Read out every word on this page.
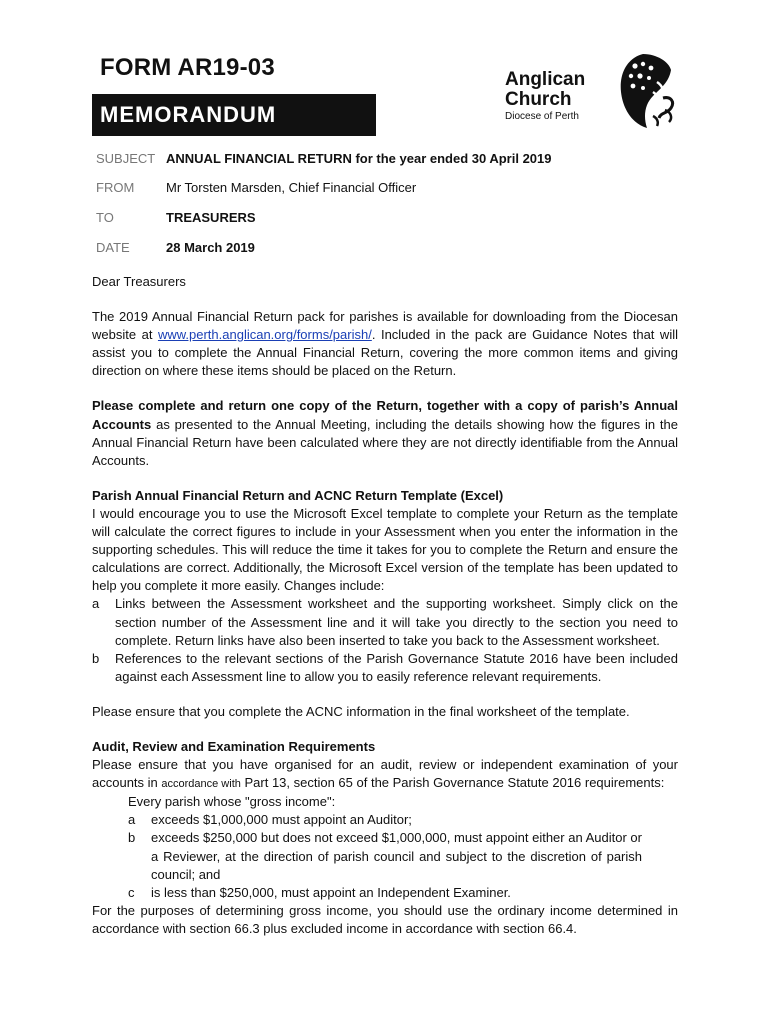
FORM AR19-03
MEMORANDUM
Anglican
Church
Diocese of Perth
SUBJECT ANNUAL FINANCIAL RETURN for the year ended 30 April 2019
FROM Mr Torsten Marsden, Chief Financial Officer
TO	TREASURERS
DATE	28 March 2019

Dear Treasurers

The 2019 Annual Financial Return pack for parishes is available for downloading from the Diocesan website at www.perth.anglican.org/forms/parish/. Included in the pack are Guidance Notes that will assist you to complete the Annual Financial Return, covering the more common items and giving direction on where these items should be placed on the Return.

Please complete and return one copy of the Return, together with a copy of parish’s Annual Accounts as presented to the Annual Meeting, including the details showing how the figures in the Annual Financial Return have been calculated where they are not directly identifiable from the Annual Accounts.

Parish Annual Financial Return and ACNC Return Template (Excel)

I would encourage you to use the Microsoft Excel template to complete your Return as the template will calculate the correct figures to include in your Assessment when you enter the information in the supporting schedules. This will reduce the time it takes for you to complete the Return and ensure the calculations are correct. Additionally, the Microsoft Excel version of the template has been updated to help you complete it more easily. Changes include:

a Links between the Assessment worksheet and the supporting worksheet. Simply click on the section number of the Assessment line and it will take you directly to the section you need to complete. Return links have also been inserted to take you back to the Assessment worksheet.
b References to the relevant sections of the Parish Governance Statute 2016 have been included against each Assessment line to allow you to easily reference relevant requirements.

Please ensure that you complete the ACNC information in the final worksheet of the template.

Audit, Review and Examination Requirements

Please ensure that you have organised for an audit, review or independent examination of your accounts in accordance with Part 13, section 65 of the Parish Governance Statute 2016 requirements:

Every parish whose "gross income":
a exceeds $1,000,000 must appoint an Auditor;
b exceeds $250,000 but does not exceed $1,000,000, must appoint either an Auditor or a Reviewer, at the direction of parish council and subject to the discretion of parish council; and
c is less than $250,000, must appoint an Independent Examiner.

For the purposes of determining gross income, you should use the ordinary income determined in accordance with section 66.3 plus excluded income in accordance with section 66.4.
